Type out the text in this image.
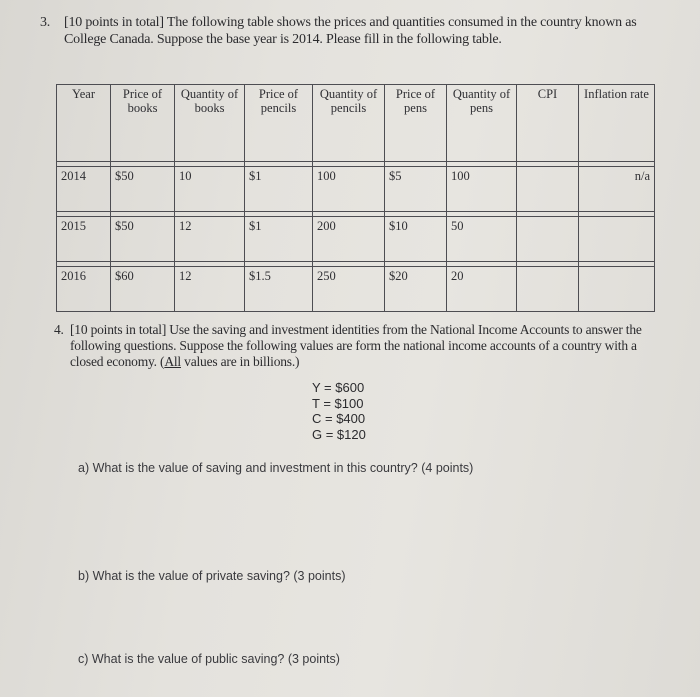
3. [10 points in total] The following table shows the prices and quantities consumed in the country known as College Canada. Suppose the base year is 2014. Please fill in the following table.
Year	Price of books	Quantity of books	Price of pencils	Quantity of pencils	Price of pens	Quantity of pens	CPI	Inflation rate

2014	$50	10	$1	100	$5	100		n/a

2015	$50	12	$1	200	$10	50		

2016	$60	12	$1.5	250	$20	20		
4. [10 points in total] Use the saving and investment identities from the National Income Accounts to answer the following questions. Suppose the following values are form the national income accounts of a country with a closed economy. (All values are in billions.)
Y = $600
T = $100
C = $400
G = $120
a) What is the value of saving and investment in this country? (4 points)
b) What is the value of private saving? (3 points)
c) What is the value of public saving? (3 points)
